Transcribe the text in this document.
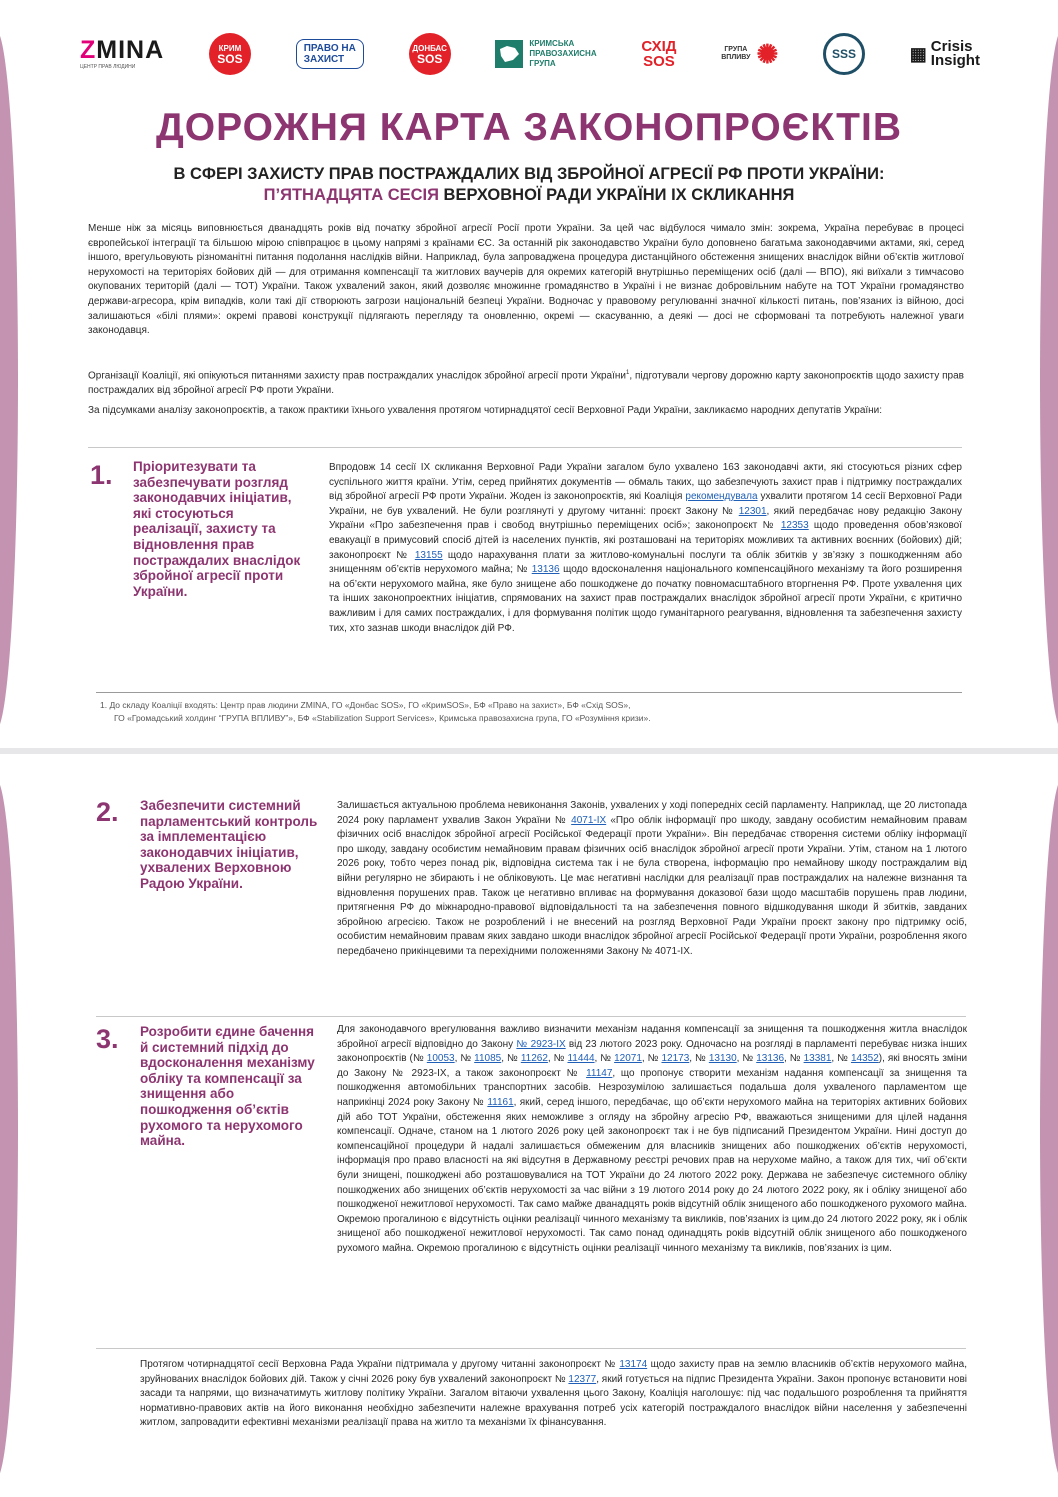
ZMINA
ЦЕНТР ПРАВ ЛЮДИНИ
КРИМ
SOS
ПРАВО НА
ЗАХИСТ
ДОНБАС
SOS
КРИМСЬКА
ПРАВОЗАХИСНА
ГРУПА
СХІД
SOS
ГРУПА
ВПЛИВУ ✺	SSS	▦ Crisis
Insight
ДОРОЖНЯ КАРТА ЗАКОНОПРОЄКТІВ
В СФЕРІ ЗАХИСТУ ПРАВ ПОСТРАЖДАЛИХ ВІД ЗБРОЙНОЇ АГРЕСІЇ РФ ПРОТИ УКРАЇНИ:
П’ЯТНАДЦЯТА СЕСІЯ ВЕРХОВНОЇ РАДИ УКРАЇНИ IX СКЛИКАННЯ

Менше ніж за місяць виповнюється дванадцять років від початку збройної агресії Росії проти України. За цей час відбулося чимало змін: зокрема, Україна перебуває в процесі європейської інтеграції та більшою мірою співпрацює в цьому напрямі з країнами ЄС. За останній рік законодавство України було доповнено багатьма законодавчими актами, які, серед іншого, врегульовують різноманітні питання подолання наслідків війни. Наприклад, була запроваджена процедура дистанційного обстеження знищених внаслідок війни об’єктів житлової нерухомості на територіях бойових дій — для отримання компенсації та житлових ваучерів для окремих категорій внутрішньо переміщених осіб (далі — ВПО), які виїхали з тимчасово окупованих територій (далі — ТОТ) України. Також ухвалений закон, який дозволяє множинне громадянство в Україні і не визнає добровільним набуте на ТОТ України громадянство держави-агресора, крім випадків, коли такі дії створюють загрози національній безпеці України. Водночас у правовому регулюванні значної кількості питань, пов’язаних із війною, досі залишаються «білі плями»: окремі правові конструкції підлягають перегляду та оновленню, окремі — скасуванню, а деякі — досі не сформовані та потребують належної уваги законодавця.

Організації Коаліції, які опікуються питаннями захисту прав постраждалих унаслідок збройної агресії проти України$^1$, підготували чергову дорожню карту законопроєктів щодо захисту прав постраждалих від збройної агресії РФ проти України.

За підсумками аналізу законопроєктів, а також практики їхнього ухвалення протягом чотирнадцятої сесії Верховної Ради України, закликаємо народних депутатів України:

1. Пріоритезувати та забезпечувати розгляд законодавчих ініціатив, які стосуються реалізації, захисту та відновлення прав постраждалих внаслідок збройної агресії проти України.

Впродовж 14 сесії IX скликання Верховної Ради України загалом було ухвалено 163 законодавчі акти, які стосуються різних сфер суспільного життя країни. Утім, серед прийнятих документів — обмаль таких, що забезпечують захист прав і підтримку постраждалих від збройної агресії РФ проти України. Жоден із законопроєктів, які Коаліція рекомендувала ухвалити протягом 14 сесії Верховної Ради України, не був ухвалений. Не були розглянуті у другому читанні: проєкт Закону № 12301, який передбачає нову редакцію Закону України «Про забезпечення прав і свобод внутрішньо переміщених осіб»; законопроєкт № 12353 щодо проведення обов’язкової евакуації в примусовий спосіб дітей із населених пунктів, які розташовані на територіях можливих та активних воєнних (бойових) дій; законопроєкт № 13155 щодо нарахування плати за житлово-комунальні послуги та облік збитків у зв’язку з пошкодженням або знищенням об’єктів нерухомого майна; № 13136 щодо вдосконалення національного компенсаційного механізму та його розширення на об’єкти нерухомого майна, яке було знищене або пошкоджене до початку повномасштабного вторгнення РФ. Проте ухвалення цих та інших законопроектних ініціатив, спрямованих на захист прав постраждалих внаслідок збройної агресії проти України, є критично важливим і для самих постраждалих, і для формування політик щодо гуманітарного реагування, відновлення та забезпечення захисту тих, хто зазнав шкоди внаслідок дій РФ.

1. До складу Коаліції входять: Центр прав людини ZMINA, ГО «Донбас SOS», ГО «КримSOS», БФ «Право на захист», БФ «Схід SOS»,
ГО «Громадський холдинг “ГРУПА ВПЛИВУ”», БФ «Stabilization Support Services», Кримська правозахисна група, ГО «Розуміння кризи».

2. Забезпечити системний парламентський контроль за імплементацією законодавчих ініціатив, ухвалених Верховною Радою України.

Залишається актуальною проблема невиконання Законів, ухвалених у ході попередніх сесій парламенту. Наприклад, ще 20 листопада 2024 року парламент ухвалив Закон України № 4071-IX «Про облік інформації про шкоду, завдану особистим немайновим правам фізичних осіб внаслідок збройної агресії Російської Федерації проти України». Він передбачає створення системи обліку інформації про шкоду, завдану особистим немайновим правам фізичних осіб внаслідок збройної агресії проти України. Утім, станом на 1 лютого 2026 року, тобто через понад рік, відповідна система так і не була створена, інформацію про немайнову шкоду постраждалим від війни регулярно не збирають і не обліковують. Це має негативні наслідки для реалізації прав постраждалих на належне визнання та відновлення порушених прав. Також це негативно впливає на формування доказової бази щодо масштабів порушень прав людини, притягнення РФ до міжнародно-правової відповідальності та на забезпечення повного відшкодування шкоди й збитків, завданих збройною агресією. Також не розроблений і не внесений на розгляд Верховної Ради України проєкт закону про підтримку осіб, особистим немайновим правам яких завдано шкоди внаслідок збройної агресії Російської Федерації проти України, розроблення якого передбачено прикінцевими та перехідними положеннями Закону № 4071-IX.

3. Розробити єдине бачення й системний підхід до вдосконалення механізму обліку та компенсації за знищення або пошкодження об’єктів рухомого та нерухомого майна.

Для законодавчого врегулювання важливо визначити механізм надання компенсації за знищення та пошкодження житла внаслідок збройної агресії відповідно до Закону № 2923-IX від 23 лютого 2023 року. Одночасно на розгляді в парламенті перебуває низка інших законопроєктів (№ 10053, № 11085, № 11262, № 11444, № 12071, № 12173, № 13130, № 13136, № 13381, № 14352), які вносять зміни до Закону № 2923-IX, а також законопроєкт № 11147, що пропонує створити механізм надання компенсації за знищення та пошкодження автомобільних транспортних засобів. Незрозумілою залишається подальша доля ухваленого парламентом ще наприкінці 2024 року Закону № 11161, який, серед іншого, передбачає, що об’єкти нерухомого майна на територіях активних бойових дій або ТОТ України, обстеження яких неможливе з огляду на збройну агресію РФ, вважаються знищеними для цілей надання компенсації. Одначе, станом на 1 лютого 2026 року цей законопроєкт так і не був підписаний Президентом України. Нині доступ до компенсаційної процедури й надалі залишається обмеженим для власників знищених або пошкоджених об’єктів нерухомості, інформація про право власності на які відсутня в Державному реєстрі речових прав на нерухоме майно, а також для тих, чиї об’єкти були знищені, пошкоджені або розташовувалися на ТОТ України до 24 лютого 2022 року. Держава не забезпечує системного обліку пошкоджених або знищених об’єктів нерухомості за час війни з 19 лютого 2014 року до 24 лютого 2022 року, як і обліку знищеної або пошкодженої нежитлової нерухомості. Так само майже дванадцять років відсутній облік знищеного або пошкодженого рухомого майна. Окремою прогалиною є відсутність оцінки реалізації чинного механізму та викликів, пов’язаних із цим.до 24 лютого 2022 року, як і облік знищеної або пошкодженої нежитлової нерухомості. Так само понад одинадцять років відсутній облік знищеного або пошкодженого рухомого майна. Окремою прогалиною є відсутність оцінки реалізації чинного механізму та викликів, пов’язаних із цим.

Протягом чотирнадцятої сесії Верховна Рада України підтримала у другому читанні законопроєкт № 13174 щодо захисту прав на землю власників об’єктів нерухомого майна, зруйнованих внаслідок бойових дій. Також у січні 2026 року був ухвалений законопроєкт № 12377, який готується на підпис Президента України. Закон пропонує встановити нові засади та напрями, що визначатимуть житлову політику України. Загалом вітаючи ухвалення цього Закону, Коаліція наголошує: під час подальшого розроблення та прийняття нормативно-правових актів на його виконання необхідно забезпечити належне врахування потреб усіх категорій постраждалого внаслідок війни населення у забезпеченні житлом, запровадити ефективні механізми реалізації права на житло та механізми їх фінансування.
